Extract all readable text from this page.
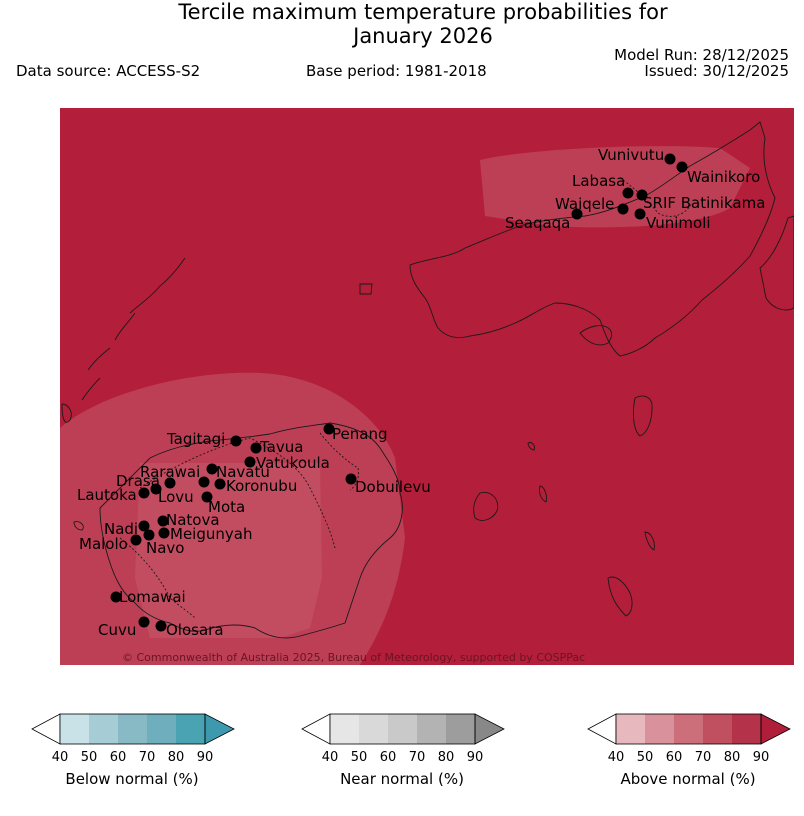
Tercile maximum temperature probabilities for
January 2026
Data source: ACCESS-S2	Base period: 1981-2018
Model Run: 28/12/2025
Issued: 30/12/2025
Vunivutu
Wainikoro
Labasa
SRIF Batinikama
Waiqele
Seaqaqa	Vunimoli
Penang
Tagitagi Tavua
Vatukoula
Rarawai Navatu
Dobuilevu
Drasa	Koronubu
Lautoka Lovu
Mota
Natova
Nadi Meigunyah
Malolo Navo
Lomawai
Cuvu Olosara
© Commonwealth of Australia 2025, Bureau of Meteorology, supported by COSPPac
40 50 60 70 80 90
Below normal (%)
40 50 60 70 80 90
Near normal (%)
40 50 60 70 80 90
Above normal (%)
